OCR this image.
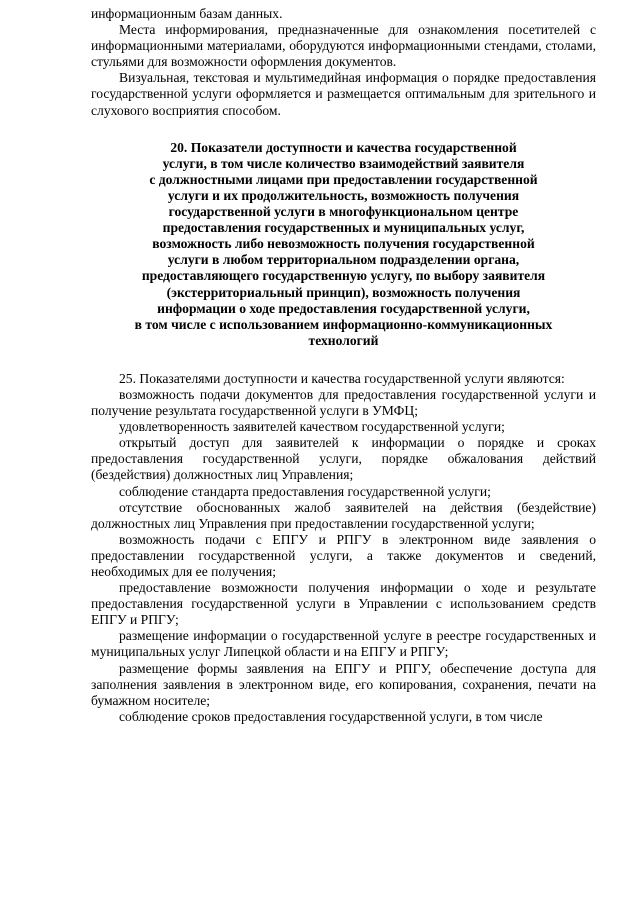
информационным базам данных.

Места информирования, предназначенные для ознакомления посетителей с информационными материалами, оборудуются информационными стендами, столами, стульями для возможности оформления документов.

Визуальная, текстовая и мультимедийная информация о порядке предоставления государственной услуги оформляется и размещается оптимальным для зрительного и слухового восприятия способом.

20. Показатели доступности и качества государственной
услуги, в том числе количество взаимодействий заявителя
с должностными лицами при предоставлении государственной
услуги и их продолжительность, возможность получения
государственной услуги в многофункциональном центре
предоставления государственных и муниципальных услуг,
возможность либо невозможность получения государственной
услуги в любом территориальном подразделении органа,
предоставляющего государственную услугу, по выбору заявителя
(экстерриториальный принцип), возможность получения
информации о ходе предоставления государственной услуги,
в том числе с использованием информационно-коммуникационных
технологий

25. Показателями доступности и качества государственной услуги являются:

возможность подачи документов для предоставления государственной услуги и получение результата государственной услуги в УМФЦ;

удовлетворенность заявителей качеством государственной услуги;

открытый доступ для заявителей к информации о порядке и сроках предоставления государственной услуги, порядке обжалования действий (бездействия) должностных лиц Управления;

соблюдение стандарта предоставления государственной услуги;

отсутствие обоснованных жалоб заявителей на действия (бездействие) должностных лиц Управления при предоставлении государственной услуги;

возможность подачи с ЕПГУ и РПГУ в электронном виде заявления о предоставлении государственной услуги, а также документов и сведений, необходимых для ее получения;

предоставление возможности получения информации о ходе и результате предоставления государственной услуги в Управлении с использованием средств ЕПГУ и РПГУ;

размещение информации о государственной услуге в реестре государственных и муниципальных услуг Липецкой области и на ЕПГУ и РПГУ;

размещение формы заявления на ЕПГУ и РПГУ, обеспечение доступа для заполнения заявления в электронном виде, его копирования, сохранения, печати на бумажном носителе;

соблюдение сроков предоставления государственной услуги, в том числе
